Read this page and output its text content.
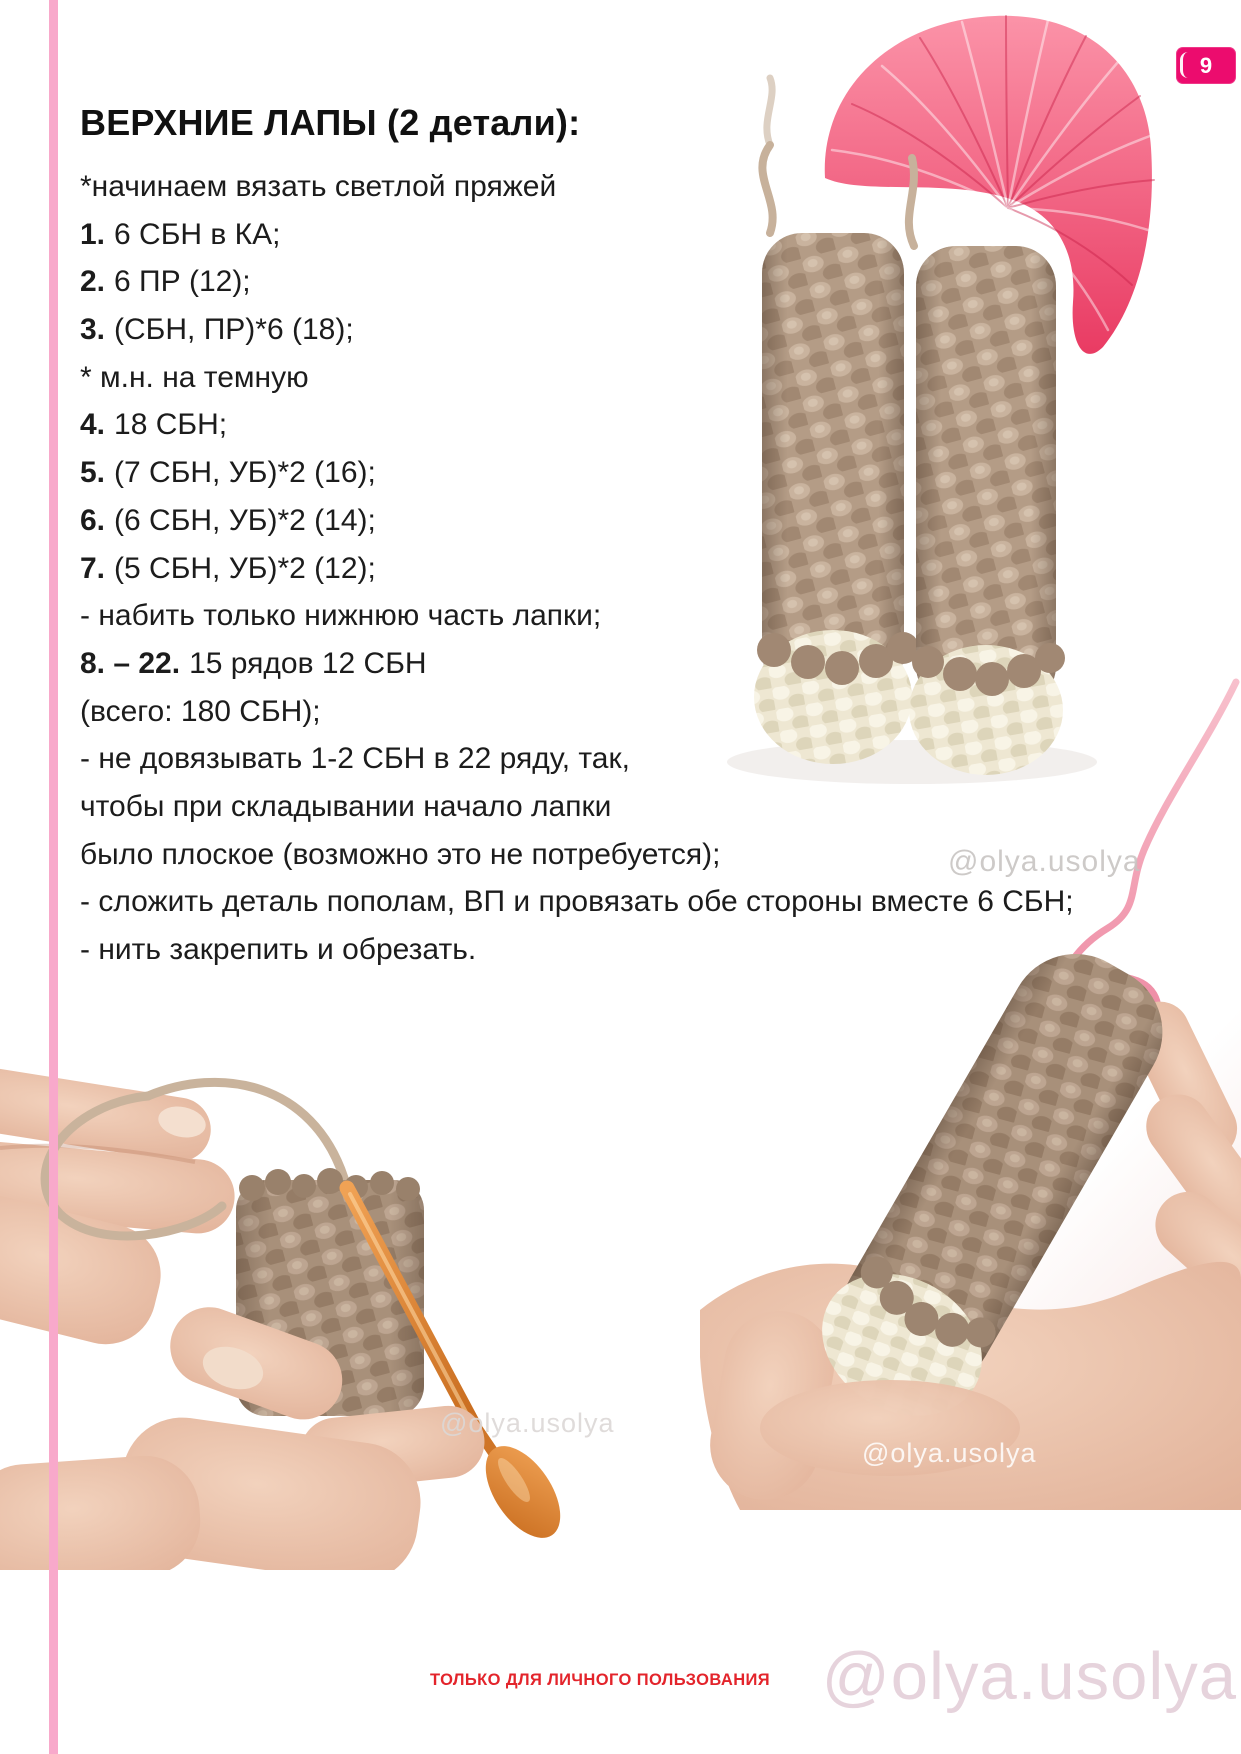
9
ВЕРХНИЕ ЛАПЫ (2 детали):
*начинаем вязать светлой пряжей
1. 6 СБН в КА;
2. 6 ПР (12);
3. (СБН, ПР)*6 (18);
* м.н. на темную
4. 18 СБН;
5. (7 СБН, УБ)*2 (16);
6. (6 СБН, УБ)*2 (14);
7. (5 СБН, УБ)*2 (12);
- набить только нижнюю часть лапки;
8. – 22. 15 рядов 12 СБН
(всего: 180 СБН);
- не довязывать 1-2 СБН в 22 ряду, так,
чтобы при складывании начало лапки
было плоское (возможно это не потребуется);
- сложить деталь пополам, ВП и провязать обе стороны вместе 6 СБН;
- нить закрепить и обрезать.
@olya.usolya
@olya.usolya
@olya.usolya
ТОЛЬКО ДЛЯ ЛИЧНОГО ПОЛЬЗОВАНИЯ @olya.usolya
